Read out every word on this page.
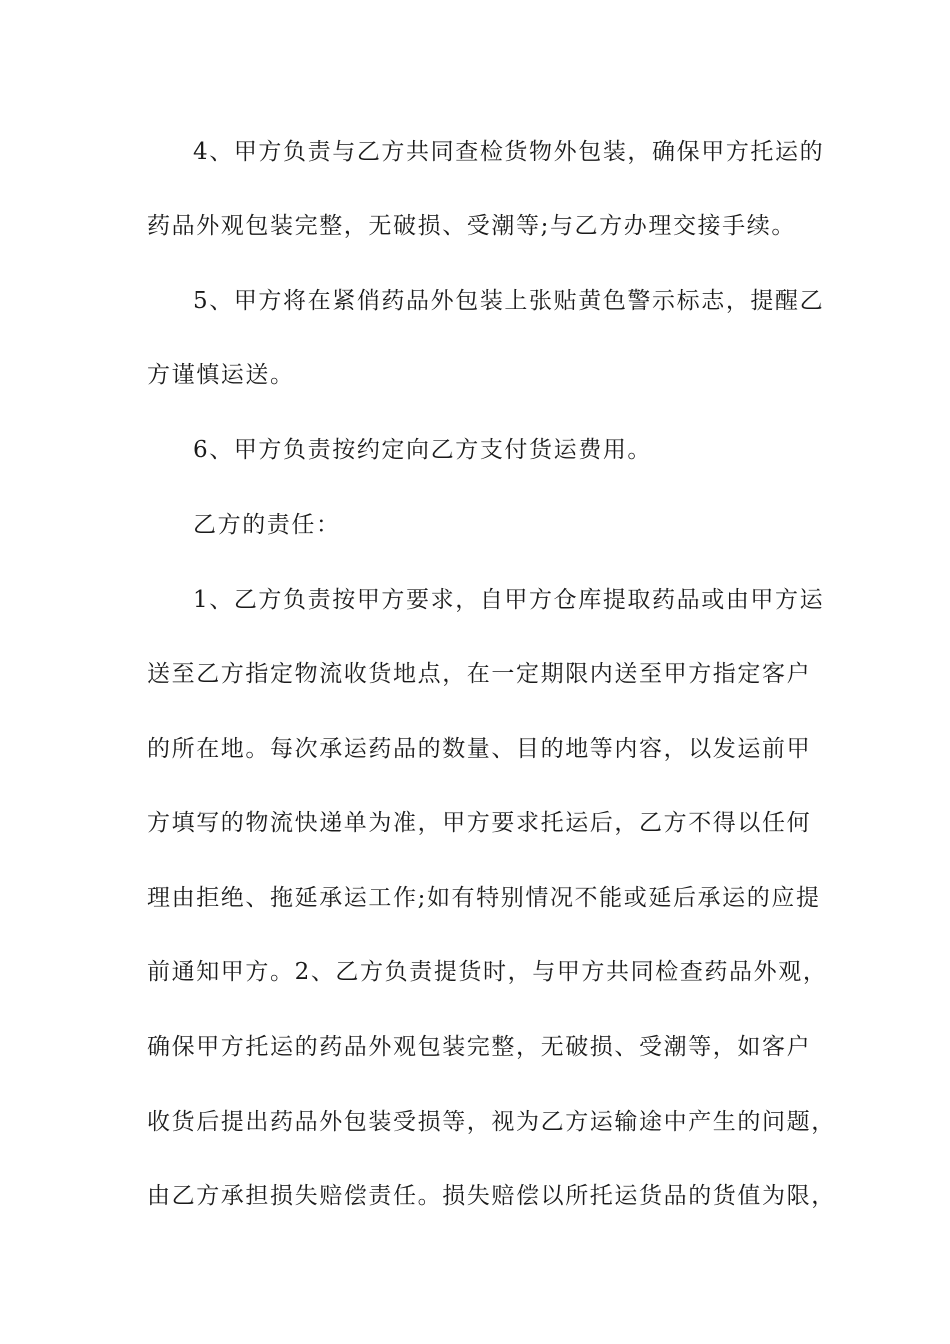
4、甲方负责与乙方共同查检货物外包装，确保甲方托运的
药品外观包装完整，无破损、受潮等;与乙方办理交接手续。
5、甲方将在紧俏药品外包装上张贴黄色警示标志，提醒乙
方谨慎运送。
6、甲方负责按约定向乙方支付货运费用。
乙方的责任：
1、乙方负责按甲方要求，自甲方仓库提取药品或由甲方运
送至乙方指定物流收货地点，在一定期限内送至甲方指定客户
的所在地。每次承运药品的数量、目的地等内容，以发运前甲
方填写的物流快递单为准，甲方要求托运后，乙方不得以任何
理由拒绝、拖延承运工作;如有特别情况不能或延后承运的应提
前通知甲方。2、乙方负责提货时，与甲方共同检查药品外观，
确保甲方托运的药品外观包装完整，无破损、受潮等，如客户
收货后提出药品外包装受损等，视为乙方运输途中产生的问题，
由乙方承担损失赔偿责任。损失赔偿以所托运货品的货值为限，
